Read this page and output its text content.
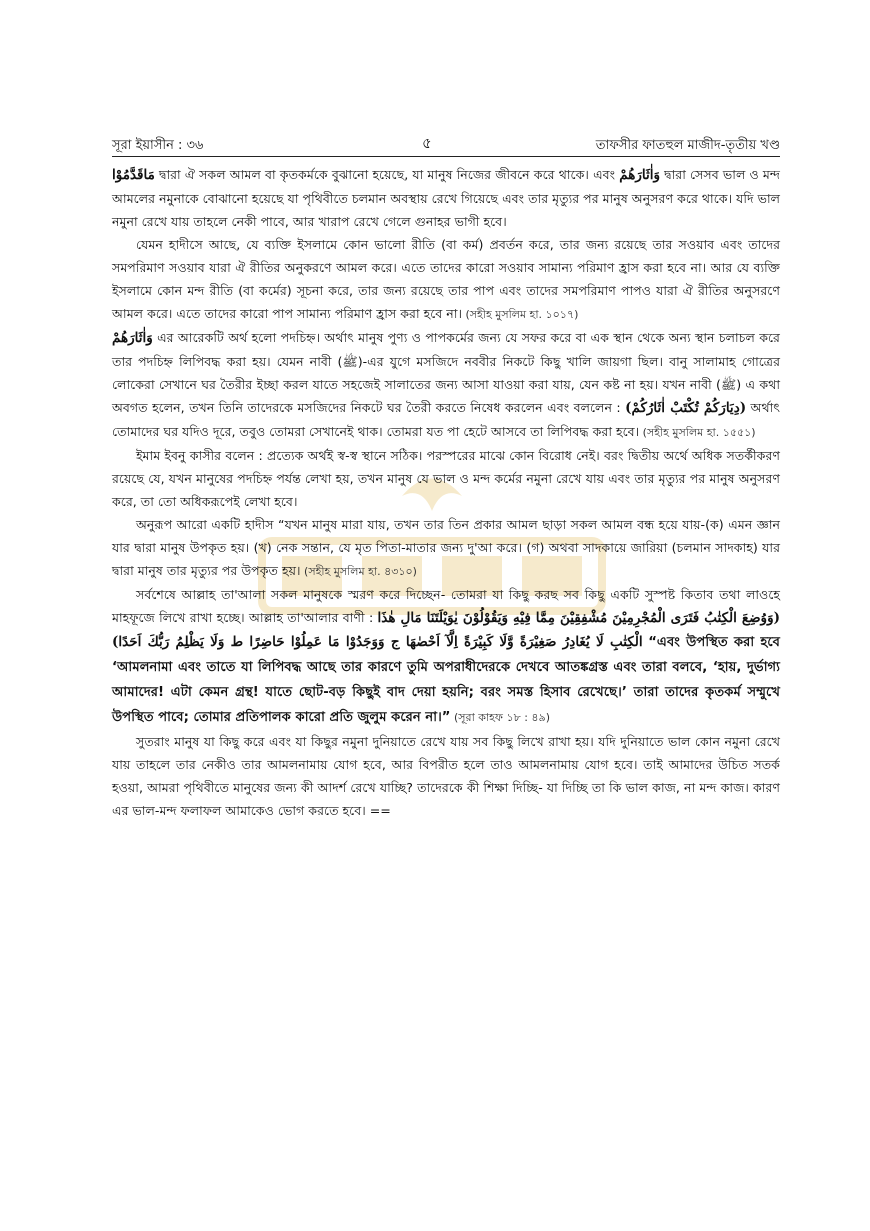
সূরা ইয়াসীন : ৩৬	৫	তাফসীর ফাতহুল মাজীদ-তৃতীয় খণ্ড

مَاقَدَّمُوْا দ্বারা ঐ সকল আমল বা কৃতকর্মকে বুঝানো হয়েছে, যা মানুষ নিজের জীবনে করে থাকে। এবং وَاٰثَارَهُمْ দ্বারা সেসব ভাল ও মন্দ আমলের নমুনাকে বোঝানো হয়েছে যা পৃথিবীতে চলমান অবস্থায় রেখে গিয়েছে এবং তার মৃত্যুর পর মানুষ অনুসরণ করে থাকে। যদি ভাল নমুনা রেখে যায় তাহলে নেকী পাবে, আর খারাপ রেখে গেলে গুনাহর ভাগী হবে।

যেমন হাদীসে আছে, যে ব্যক্তি ইসলামে কোন ভালো রীতি (বা কর্ম) প্রবর্তন করে, তার জন্য রয়েছে তার সওয়াব এবং তাদের সমপরিমাণ সওয়াব যারা ঐ রীতির অনুকরণে আমল করে। এতে তাদের কারো সওয়াব সামান্য পরিমাণ হ্রাস করা হবে না। আর যে ব্যক্তি ইসলামে কোন মন্দ রীতি (বা কর্মের) সূচনা করে, তার জন্য রয়েছে তার পাপ এবং তাদের সমপরিমাণ পাপও যারা ঐ রীতির অনুসরণে আমল করে। এতে তাদের কারো পাপ সামান্য পরিমাণ হ্রাস করা হবে না। (সহীহ মুসলিম হা. ১০১৭)

وَاٰثَارَهُمْ এর আরেকটি অর্থ হলো পদচিহ্ন। অর্থাৎ মানুষ পুণ্য ও পাপকর্মের জন্য যে সফর করে বা এক স্থান থেকে অন্য স্থান চলাচল করে তার পদচিহ্ন লিপিবদ্ধ করা হয়। যেমন নাবী (ﷺ)-এর যুগে মসজিদে নববীর নিকটে কিছু খালি জায়গা ছিল। বানু সালামাহ গোত্রের লোকেরা সেখানে ঘর তৈরীর ইচ্ছা করল যাতে সহজেই সালাতের জন্য আসা যাওয়া করা যায়, যেন কষ্ট না হয়। যখন নাবী (ﷺ) এ কথা অবগত হলেন, তখন তিনি তাদেরকে মসজিদের নিকটে ঘর তৈরী করতে নিষেধ করলেন এবং বললেন : (دِيَارَكُمْ تُكْتَبْ اٰثَارُكُمْ) অর্থাৎ তোমাদের ঘর যদিও দূরে, তবুও তোমরা সেখানেই থাক। তোমরা যত পা হেটে আসবে তা লিপিবদ্ধ করা হবে। (সহীহ মুসলিম হা. ১৫৫১)

ইমাম ইবনু কাসীর বলেন : প্রত্যেক অর্থই স্ব-স্ব স্থানে সঠিক। পরস্পরের মাঝে কোন বিরোধ নেই। বরং দ্বিতীয় অর্থে অধিক সতর্কীকরণ রয়েছে যে, যখন মানুষের পদচিহ্ন পর্যন্ত লেখা হয়, তখন মানুষ যে ভাল ও মন্দ কর্মের নমুনা রেখে যায় এবং তার মৃত্যুর পর মানুষ অনুসরণ করে, তা তো অধিকরূপেই লেখা হবে।

অনুরূপ আরো একটি হাদীস “যখন মানুষ মারা যায়, তখন তার তিন প্রকার আমল ছাড়া সকল আমল বন্ধ হয়ে যায়-(ক) এমন জ্ঞান যার দ্বারা মানুষ উপকৃত হয়। (খ) নেক সন্তান, যে মৃত পিতা-মাতার জন্য দু'আ করে। (গ) অথবা সাদকায়ে জারিয়া (চলমান সাদকাহ) যার দ্বারা মানুষ তার মৃত্যুর পর উপকৃত হয়। (সহীহ মুসলিম হা. ৪৩১০)

সর্বশেষে আল্লাহ তা'আলা সকল মানুষকে স্মরণ করে দিচ্ছেন- তোমরা যা কিছু করছ সব কিছু একটি সুস্পষ্ট কিতাব তথা লাওহে মাহফূজে লিখে রাখা হচ্ছে। আল্লাহ তা'আলার বাণী : (وَوُضِعَ الْكِتٰبُ فَتَرَى الْمُجْرِمِيْنَ مُشْفِقِيْنَ مِمَّا فِيْهِ وَيَقُوْلُوْنَ يٰوَيْلَتَنَا مَالِ هٰذَا الْكِتٰبِ لَا يُغَادِرُ صَغِيْرَةً وَّلَا كَبِيْرَةً اِلَّآ اَحْصٰهَا ج وَوَجَدُوْا مَا عَمِلُوْا حَاضِرًا ط وَلَا يَظْلِمُ رَبُّكَ اَحَدًا) “এবং উপস্থিত করা হবে ‘আমলনামা এবং তাতে যা লিপিবদ্ধ আছে তার কারণে তুমি অপরাধীদেরকে দেখবে আতঙ্কগ্রস্ত এবং তারা বলবে, ‘হায়, দুর্ভাগ্য আমাদের! এটা কেমন গ্রন্থ! যাতে ছোট-বড় কিছুই বাদ দেয়া হয়নি; বরং সমস্ত হিসাব রেখেছে।’ তারা তাদের কৃতকর্ম সম্মুখে উপস্থিত পাবে; তোমার প্রতিপালক কারো প্রতি জুলুম করেন না।” (সূরা কাহফ ১৮ : ৪৯)

সুতরাং মানুষ যা কিছু করে এবং যা কিছুর নমুনা দুনিয়াতে রেখে যায় সব কিছু লিখে রাখা হয়। যদি দুনিয়াতে ভাল কোন নমুনা রেখে যায় তাহলে তার নেকীও তার আমলনামায় যোগ হবে, আর বিপরীত হলে তাও আমলনামায় যোগ হবে। তাই আমাদের উচিত সতর্ক হওয়া, আমরা পৃথিবীতে মানুষের জন্য কী আদর্শ রেখে যাচ্ছি? তাদেরকে কী শিক্ষা দিচ্ছি- যা দিচ্ছি তা কি ভাল কাজ, না মন্দ কাজ। কারণ এর ভাল-মন্দ ফলাফল আমাকেও ভোগ করতে হবে। ==
